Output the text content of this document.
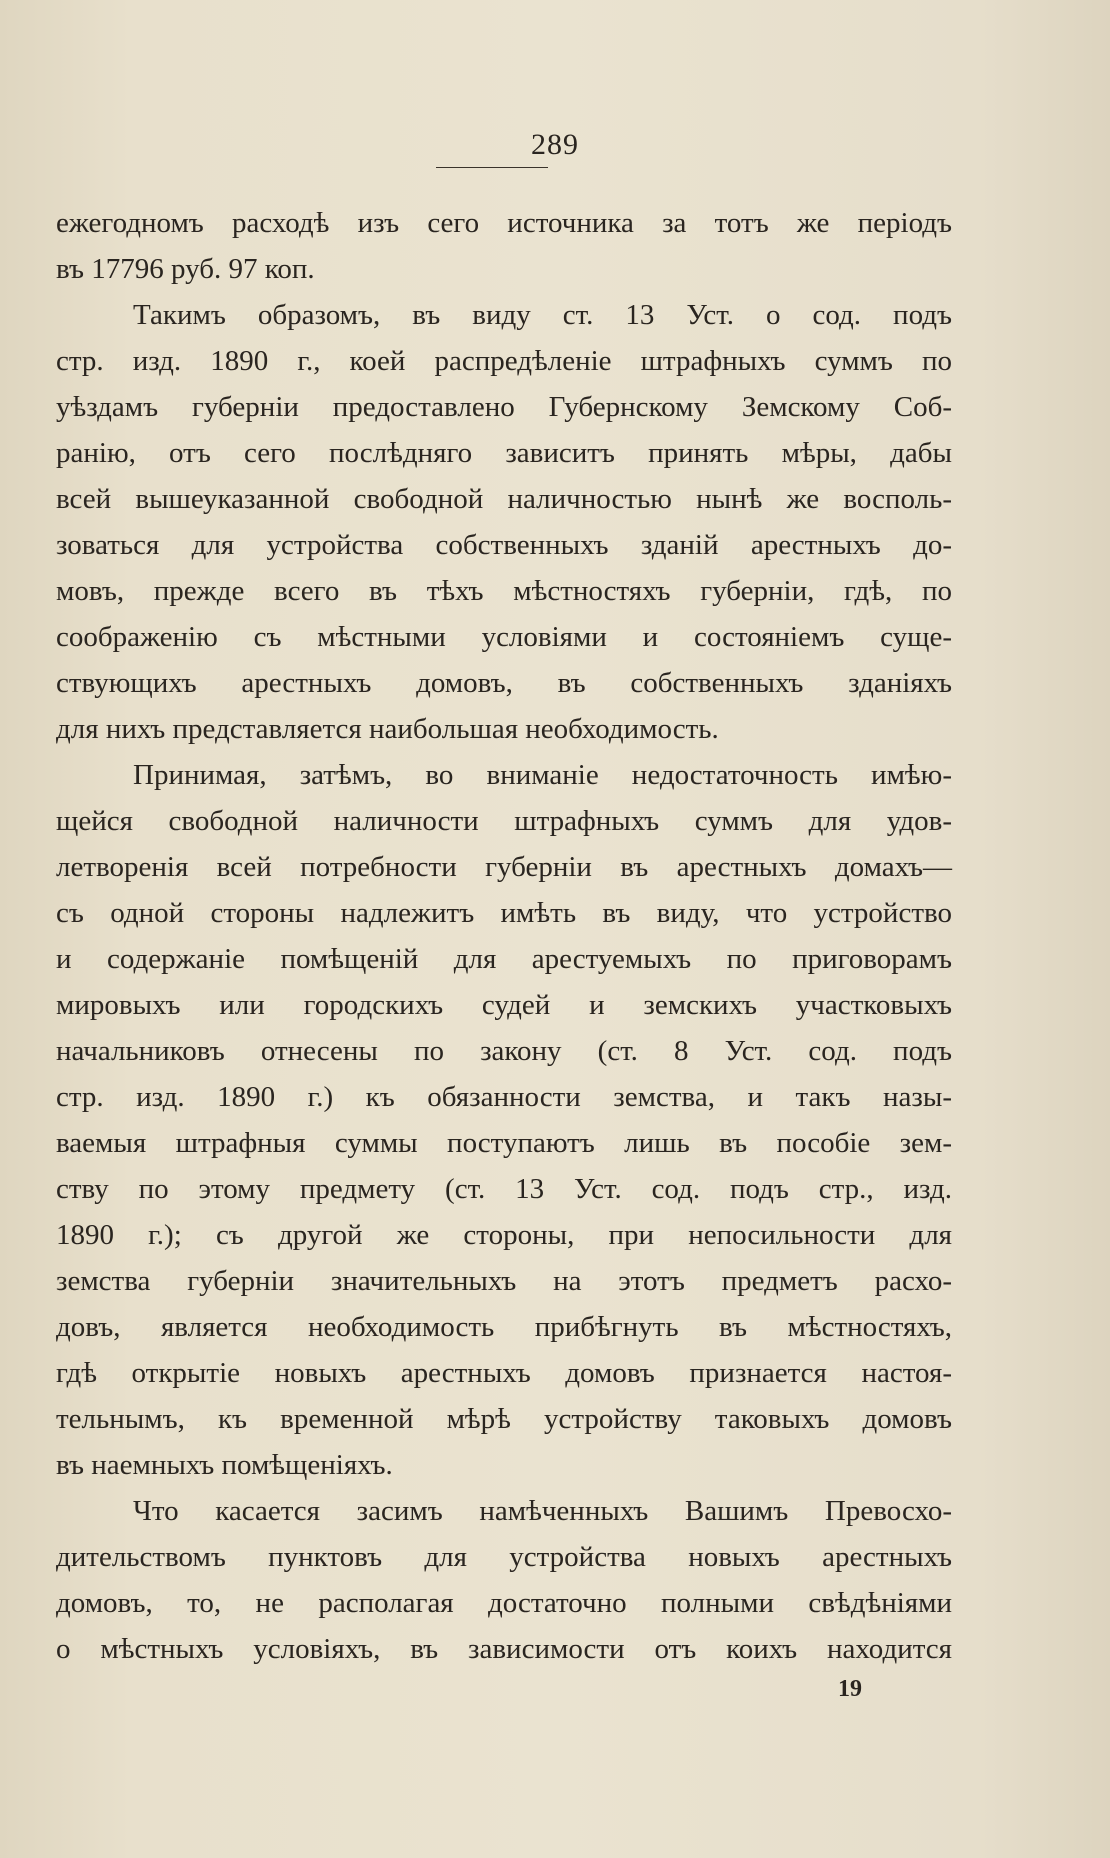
289
ежегодномъ расходѣ изъ сего источника за тотъ же періодъ
въ 17796 руб. 97 коп.
Такимъ образомъ, въ виду ст. 13 Уст. о сод. подъ
стр. изд. 1890 г., коей распредѣленіе штрафныхъ суммъ по
уѣздамъ губерніи предоставлено Губернскому Земскому Соб-
ранію, отъ сего послѣдняго зависитъ принять мѣры, дабы
всей вышеуказанной свободной наличностью нынѣ же восполь-
зоваться для устройства собственныхъ зданій арестныхъ до-
мовъ, прежде всего въ тѣхъ мѣстностяхъ губерніи, гдѣ, по
соображенію съ мѣстными условіями и состояніемъ суще-
ствующихъ арестныхъ домовъ, въ собственныхъ зданіяхъ
для нихъ представляется наибольшая необходимость.
Принимая, затѣмъ, во вниманіе недостаточность имѣю-
щейся свободной наличности штрафныхъ суммъ для удов-
летворенія всей потребности губерніи въ арестныхъ домахъ—
съ одной стороны надлежитъ имѣть въ виду, что устройство
и содержаніе помѣщеній для арестуемыхъ по приговорамъ
мировыхъ или городскихъ судей и земскихъ участковыхъ
начальниковъ отнесены по закону (ст. 8 Уст. сод. подъ
стр. изд. 1890 г.) къ обязанности земства, и такъ назы-
ваемыя штрафныя суммы поступаютъ лишь въ пособіе зем-
ству по этому предмету (ст. 13 Уст. сод. подъ стр., изд.
1890 г.); съ другой же стороны, при непосильности для
земства губерніи значительныхъ на этотъ предметъ расхо-
довъ, является необходимость прибѣгнуть въ мѣстностяхъ,
гдѣ открытіе новыхъ арестныхъ домовъ признается настоя-
тельнымъ, къ временной мѣрѣ устройству таковыхъ домовъ
въ наемныхъ помѣщеніяхъ.
Что касается засимъ намѣченныхъ Вашимъ Превосхо-
дительствомъ пунктовъ для устройства новыхъ арестныхъ
домовъ, то, не располагая достаточно полными свѣдѣніями
о мѣстныхъ условіяхъ, въ зависимости отъ коихъ находится
19
